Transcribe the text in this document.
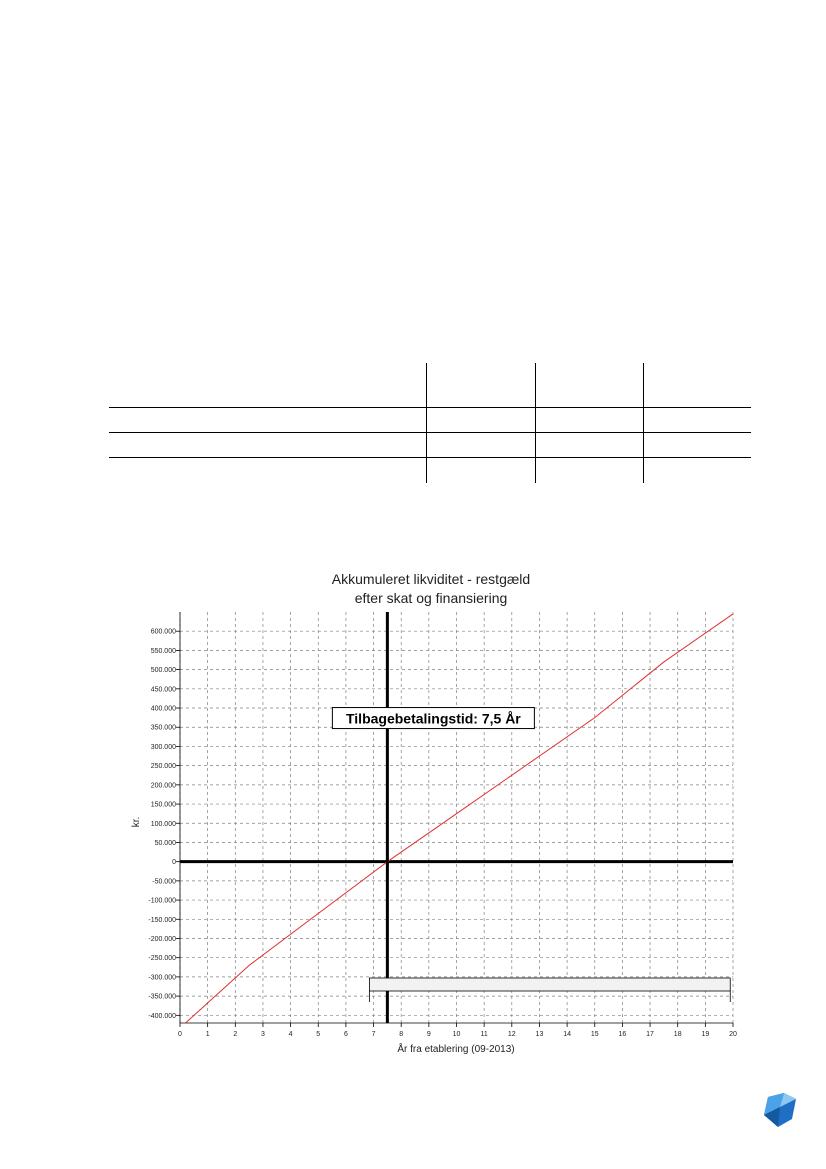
Akkumuleret likviditet - restgæld
efter skat og finansiering
0	1	2	3	4	5	6	7	8	9	10	11	12	13	14	15	16	17	18	19	20
600.000
550.000
500.000
450.000
400.000
350.000
300.000
250.000
200.000
150.000
100.000
50.000
0
-50.000
-100.000
-150.000
-200.000
-250.000
-300.000
-350.000
-400.000
Tilbagebetalingstid: 7,5 År
kr.
År fra etablering (09-2013)
